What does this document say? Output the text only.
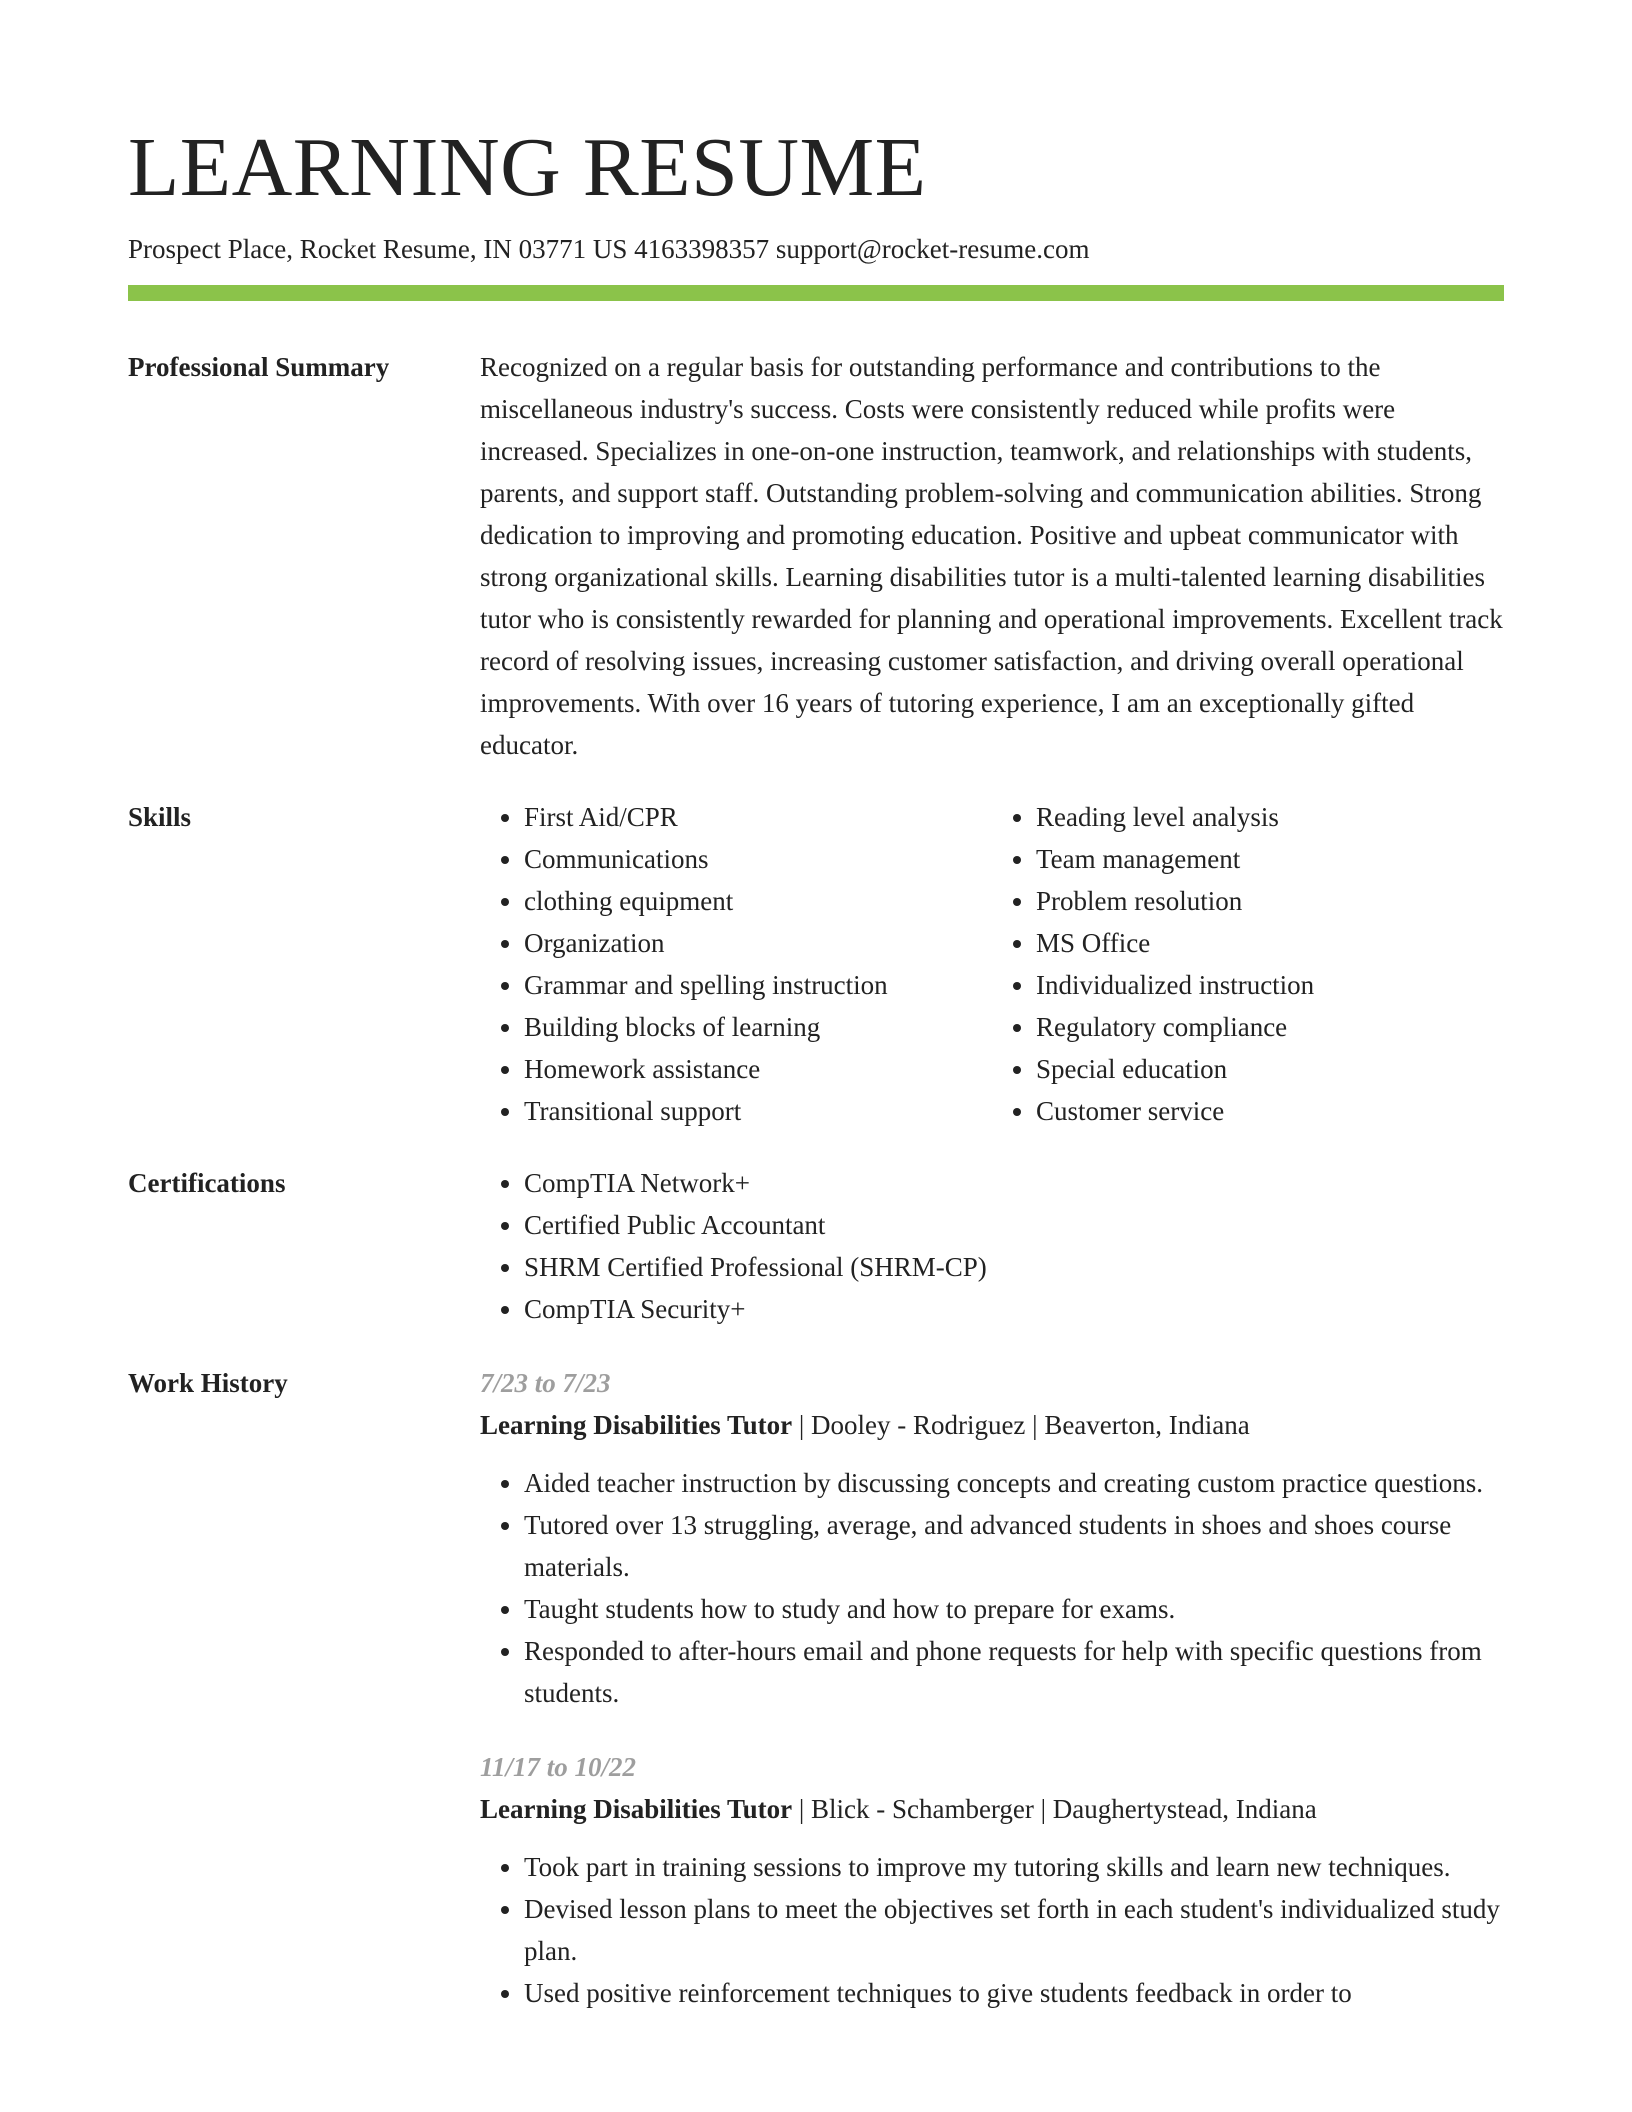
LEARNING RESUME
Prospect Place, Rocket Resume, IN 03771 US 4163398357 support@rocket-resume.com
Professional Summary	Recognized on a regular basis for outstanding performance and contributions to the miscellaneous industry's success. Costs were consistently reduced while profits were increased. Specializes in one-on-one instruction, teamwork, and relationships with students, parents, and support staff. Outstanding problem-solving and communication abilities. Strong dedication to improving and promoting education. Positive and upbeat communicator with strong organizational skills. Learning disabilities tutor is a multi-talented learning disabilities tutor who is consistently rewarded for planning and operational improvements. Excellent track record of resolving issues, increasing customer satisfaction, and driving overall operational improvements. With over 16 years of tutoring experience, I am an exceptionally gifted educator.

Skills	• First Aid/CPR
• Communications
• clothing equipment
• Organization
• Grammar and spelling instruction
• Building blocks of learning
• Homework assistance
• Transitional support
• Reading level analysis
• Team management
• Problem resolution
• MS Office
• Individualized instruction
• Regulatory compliance
• Special education
• Customer service
Certifications	• CompTIA Network+
• Certified Public Accountant
• SHRM Certified Professional (SHRM-CP)
• CompTIA Security+
Work History	7/23 to 7/23
Learning Disabilities Tutor | Dooley - Rodriguez | Beaverton, Indiana
• Aided teacher instruction by discussing concepts and creating custom practice questions.
• Tutored over 13 struggling, average, and advanced students in shoes and shoes course materials.
• Taught students how to study and how to prepare for exams.
• Responded to after-hours email and phone requests for help with specific questions from students.
11/17 to 10/22
Learning Disabilities Tutor | Blick - Schamberger | Daughertystead, Indiana
• Took part in training sessions to improve my tutoring skills and learn new techniques.
• Devised lesson plans to meet the objectives set forth in each student's individualized study plan.
• Used positive reinforcement techniques to give students feedback in order to
